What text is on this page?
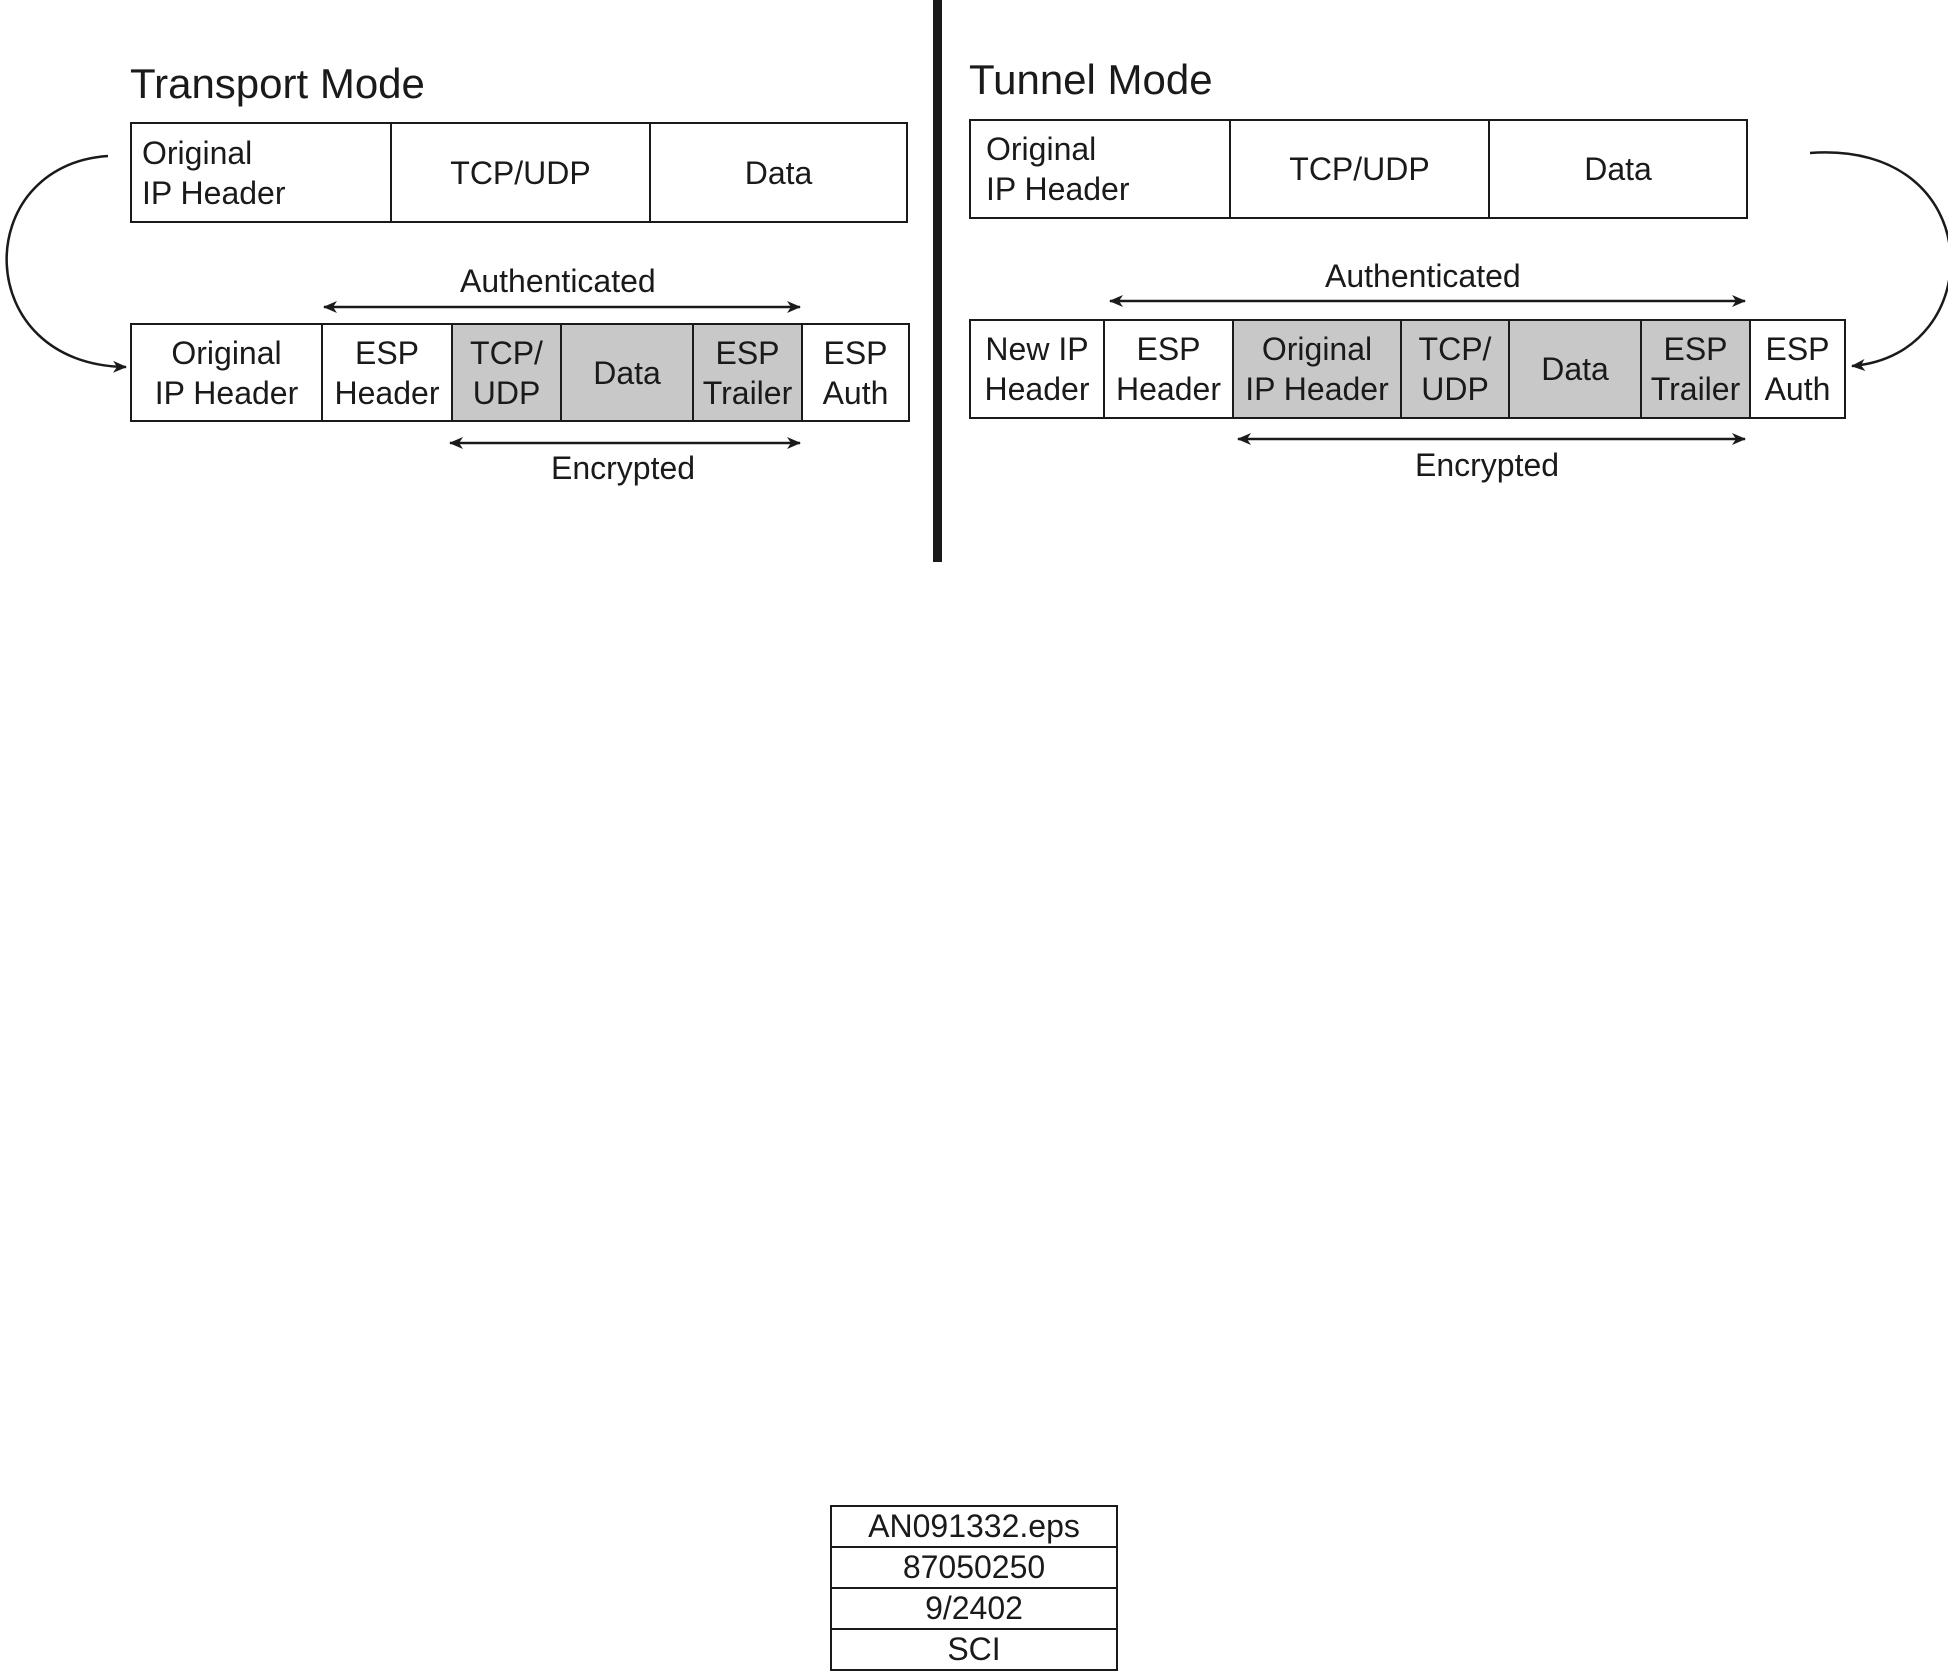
Transport Mode
Original
IP Header
TCP/UDP	Data
Authenticated
Original
IP Header
ESP
Header
TCP/
UDP
Data
ESP
Trailer
ESP
Auth
Encrypted
Tunnel Mode
Original
IP Header
TCP/UDP	Data
Authenticated
New IP
Header
ESP
Header
Original
IP Header
TCP/
UDP
Data
ESP
Trailer
ESP
Auth
Encrypted
AN091332.eps
87050250
9/2402
SCI
